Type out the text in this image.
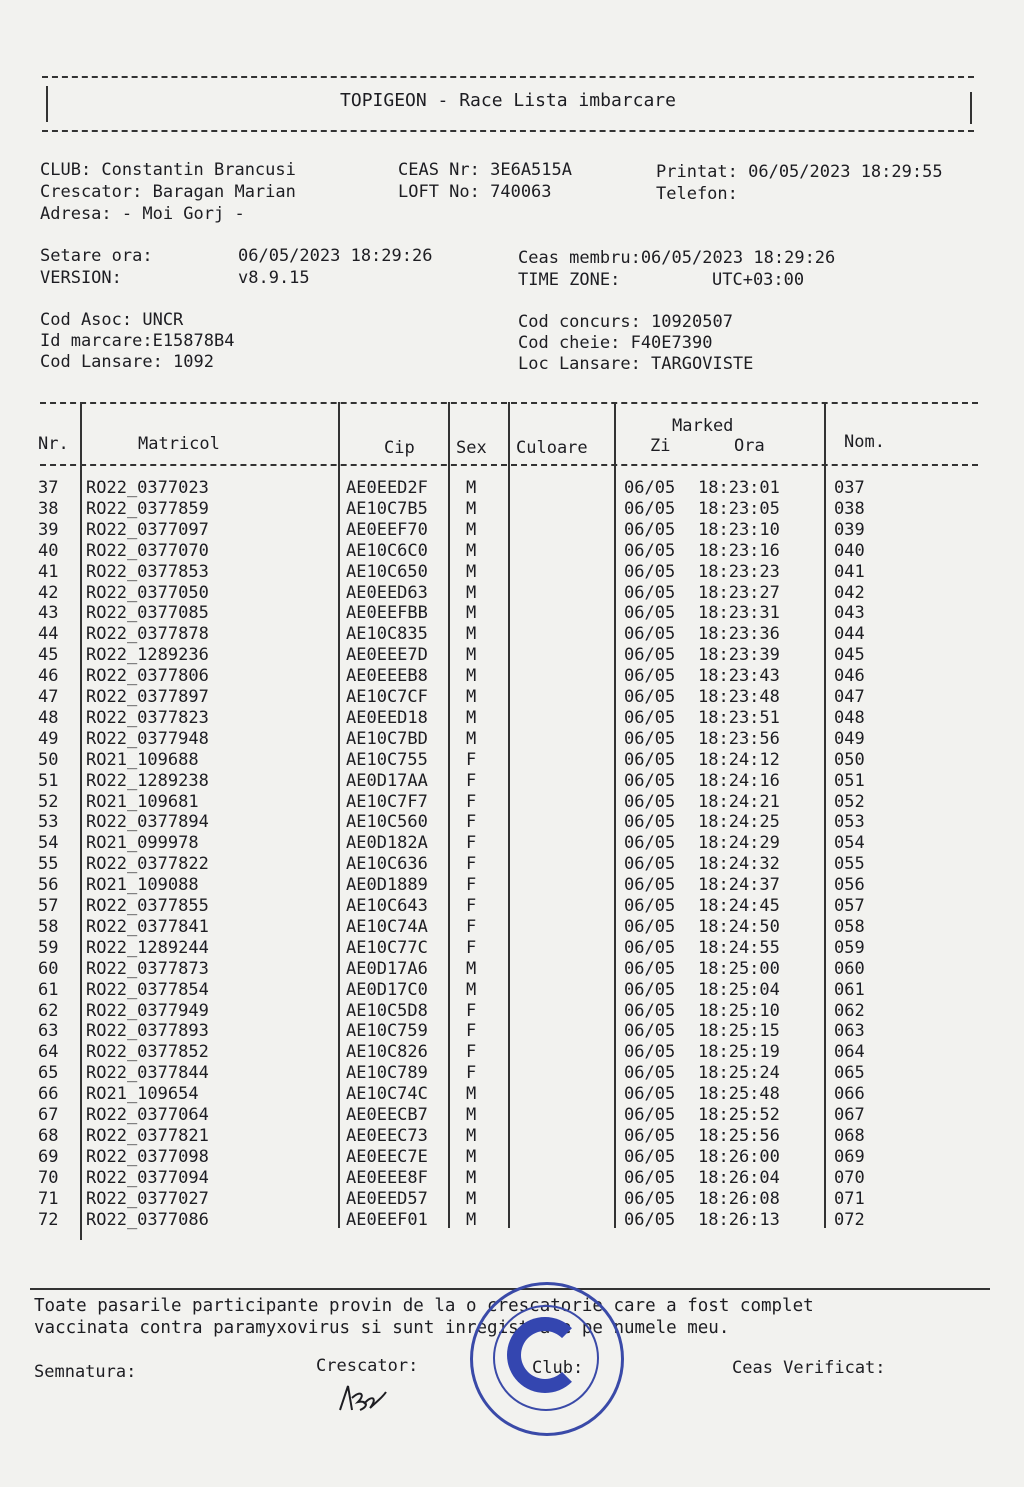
TOPIGEON - Race Lista imbarcare
CLUB: Constantin Brancusi
Crescator: Baragan Marian
Adresa: - Moi Gorj -
CEAS Nr: 3E6A515A
LOFT No: 740063
Printat: 06/05/2023 18:29:55
Telefon:
Setare ora:	06/05/2023 18:29:26
VERSION:	v8.9.15
Ceas membru:06/05/2023 18:29:26
TIME ZONE:	UTC+03:00
Cod Asoc: UNCR
Id marcare:E15878B4
Cod Lansare: 1092
Cod concurs: 10920507
Cod cheie: F40E7390
Loc Lansare: TARGOVISTE
Nr.	Matricol	Cip Sex Culoare
Marked
Zi	Ora	Nom.
37 RO22_0377023	AE0EED2F M	06/05 18:23:01	037
38 RO22_0377859	AE10C7B5 M	06/05 18:23:05	038
39 RO22_0377097	AE0EEF70 M	06/05 18:23:10	039
40 RO22_0377070	AE10C6C0 M	06/05 18:23:16	040
41 RO22_0377853	AE10C650 M	06/05 18:23:23	041
42 RO22_0377050	AE0EED63 M	06/05 18:23:27	042
43 RO22_0377085	AE0EEFBB M	06/05 18:23:31	043
44 RO22_0377878	AE10C835 M	06/05 18:23:36	044
45 RO22_1289236	AE0EEE7D M	06/05 18:23:39	045
46 RO22_0377806	AE0EEEB8 M	06/05 18:23:43	046
47 RO22_0377897	AE10C7CF M	06/05 18:23:48	047
48 RO22_0377823	AE0EED18 M	06/05 18:23:51	048
49 RO22_0377948	AE10C7BD M	06/05 18:23:56	049
50 RO21_109688	AE10C755 F	06/05 18:24:12	050
51 RO22_1289238	AE0D17AA F	06/05 18:24:16	051
52 RO21_109681	AE10C7F7 F	06/05 18:24:21	052
53 RO22_0377894	AE10C560 F	06/05 18:24:25	053
54 RO21_099978	AE0D182A F	06/05 18:24:29	054
55 RO22_0377822	AE10C636 F	06/05 18:24:32	055
56 RO21_109088	AE0D1889 F	06/05 18:24:37	056
57 RO22_0377855	AE10C643 F	06/05 18:24:45	057
58 RO22_0377841	AE10C74A F	06/05 18:24:50	058
59 RO22_1289244	AE10C77C F	06/05 18:24:55	059
60 RO22_0377873	AE0D17A6 M	06/05 18:25:00	060
61 RO22_0377854	AE0D17C0 M	06/05 18:25:04	061
62 RO22_0377949	AE10C5D8 F	06/05 18:25:10	062
63 RO22_0377893	AE10C759 F	06/05 18:25:15	063
64 RO22_0377852	AE10C826 F	06/05 18:25:19	064
65 RO22_0377844	AE10C789 F	06/05 18:25:24	065
66 RO21_109654	AE10C74C M	06/05 18:25:48	066
67 RO22_0377064	AE0EECB7 M	06/05 18:25:52	067
68 RO22_0377821	AE0EEC73 M	06/05 18:25:56	068
69 RO22_0377098	AE0EEC7E M	06/05 18:26:00	069
70 RO22_0377094	AE0EEE8F M	06/05 18:26:04	070
71 RO22_0377027	AE0EED57 M	06/05 18:26:08	071
72 RO22_0377086	AE0EEF01 M	06/05 18:26:13	072
Toate pasarile participante provin de la o crescatorie care a fost complet
vaccinata contra paramyxovirus si sunt inregistrate pe numele meu.
Semnatura:	Crescator:	Club:	Ceas Verificat:
